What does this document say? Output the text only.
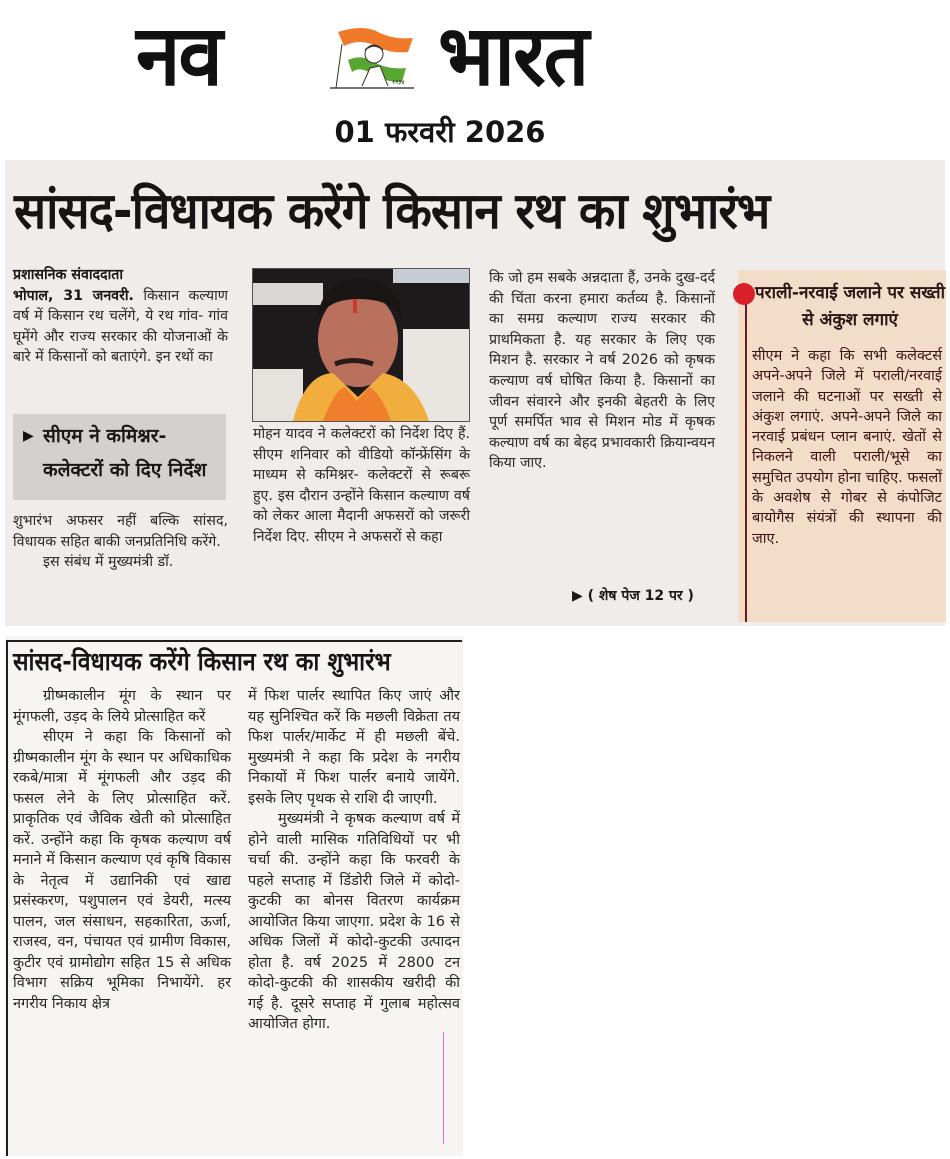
नव	१९३४ भारत
01 फरवरी 2026
सांसद-विधायक करेंगे किसान रथ का शुभारंभ

प्रशासनिक संवाददाता

भोपाल, 31 जनवरी. किसान कल्याण वर्ष में किसान रथ चलेंगे, ये रथ गांव- गांव घूमेंगे और राज्य सरकार की योजनाओं के बारे में किसानों को बताएंगे. इन रथों का

▶ सीएम ने कमिश्नर- कलेक्टरों को दिए निर्देश

शुभारंभ अफसर नहीं बल्कि सांसद, विधायक सहित बाकी जनप्रतिनिधि करेंगे.

इस संबंध में मुख्यमंत्री डॉ.

मोहन यादव ने कलेक्टरों को निर्देश दिए हैं. सीएम शनिवार को वीडियो कॉन्फ्रेंसिंग के माध्यम से कमिश्नर- कलेक्टरों से रूबरू हुए. इस दौरान उन्होंने किसान कल्याण वर्ष को लेकर आला मैदानी अफसरों को जरूरी निर्देश दिए. सीएम ने अफसरों से कहा

कि जो हम सबके अन्नदाता हैं, उनके दुख-दर्द की चिंता करना हमारा कर्तव्य है. किसानों का समग्र कल्याण राज्य सरकार की प्राथमिकता है. यह सरकार के लिए एक मिशन है. सरकार ने वर्ष 2026 को कृषक कल्याण वर्ष घोषित किया है. किसानों का जीवन संवारने और इनकी बेहतरी के लिए पूर्ण समर्पित भाव से मिशन मोड में कृषक कल्याण वर्ष का बेहद प्रभावकारी क्रियान्वयन किया जाए.

▶ ( शेष पेज 12 पर )
पराली-नरवाई जलाने पर सख्ती से अंकुश लगाएं
सीएम ने कहा कि सभी कलेक्टर्स अपने-अपने जिले में पराली/नरवाई जलाने की घटनाओं पर सख्ती से अंकुश लगाएं. अपने-अपने जिले का नरवाई प्रबंधन प्लान बनाएं. खेतों से निकलने वाली पराली/भूसे का समुचित उपयोग होना चाहिए. फसलों के अवशेष से गोबर से कंपोजिट बायोगैस संयंत्रों की स्थापना की जाए.
सांसद-विधायक करेंगे किसान रथ का शुभारंभ

ग्रीष्मकालीन मूंग के स्थान पर मूंगफली, उड़द के लिये प्रोत्साहित करें

सीएम ने कहा कि किसानों को ग्रीष्मकालीन मूंग के स्थान पर अधिकाधिक रकबे/मात्रा में मूंगफली और उड़द की फसल लेने के लिए प्रोत्साहित करें. प्राकृतिक एवं जैविक खेती को प्रोत्साहित करें. उन्होंने कहा कि कृषक कल्याण वर्ष मनाने में किसान कल्याण एवं कृषि विकास के नेतृत्व में उद्यानिकी एवं खाद्य प्रसंस्करण, पशुपालन एवं डेयरी, मत्स्य पालन, जल संसाधन, सहकारिता, ऊर्जा, राजस्व, वन, पंचायत एवं ग्रामीण विकास, कुटीर एवं ग्रामोद्योग सहित 15 से अधिक विभाग सक्रिय भूमिका निभायेंगे. हर नगरीय निकाय क्षेत्र

में फिश पार्लर स्थापित किए जाएं और यह सुनिश्चित करें कि मछली विक्रेता तय फिश पार्लर/मार्केट में ही मछली बेंचे. मुख्यमंत्री ने कहा कि प्रदेश के नगरीय निकायों में फिश पार्लर बनाये जायेंगे. इसके लिए पृथक से राशि दी जाएगी.

मुख्यमंत्री ने कृषक कल्याण वर्ष में होने वाली मासिक गतिविधियों पर भी चर्चा की. उन्होंने कहा कि फरवरी के पहले सप्ताह में डिंडोरी जिले में कोदो-कुटकी का बोनस वितरण कार्यक्रम आयोजित किया जाएगा. प्रदेश के 16 से अधिक जिलों में कोदो-कुटकी उत्पादन होता है. वर्ष 2025 में 2800 टन कोदो-कुटकी की शासकीय खरीदी की गई है. दूसरे सप्ताह में गुलाब महोत्सव आयोजित होगा.
